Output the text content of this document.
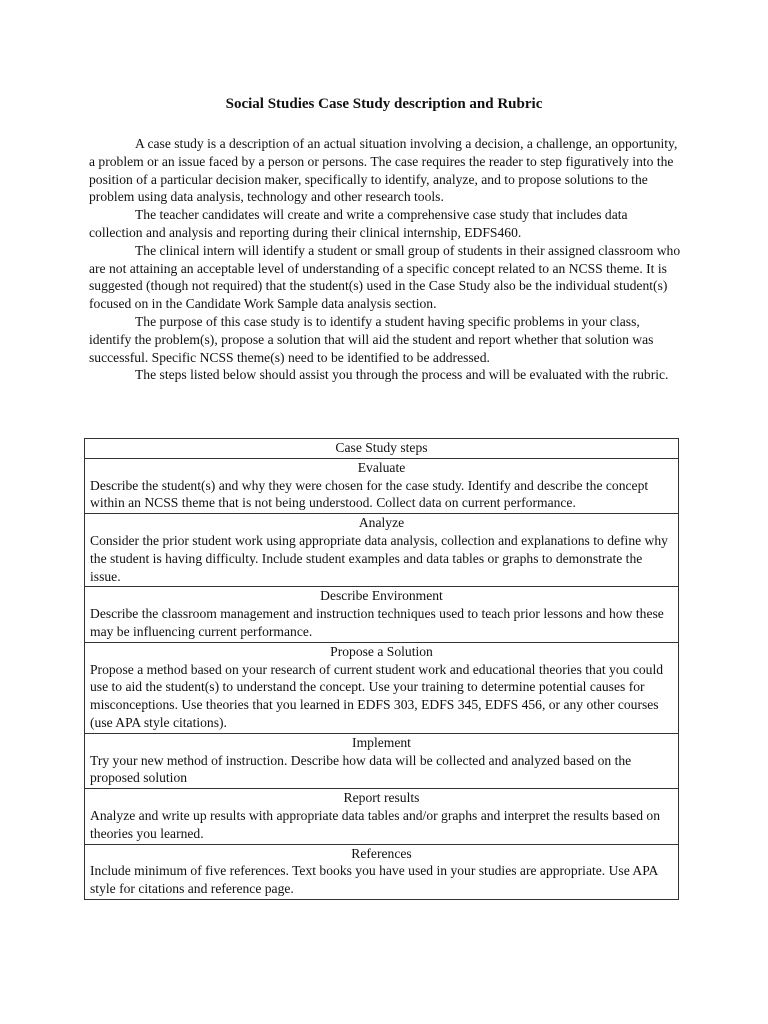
Social Studies Case Study description and Rubric

A case study is a description of an actual situation involving a decision, a challenge, an opportunity, a problem or an issue faced by a person or persons. The case requires the reader to step figuratively into the position of a particular decision maker, specifically to identify, analyze, and to propose solutions to the problem using data analysis, technology and other research tools.

The teacher candidates will create and write a comprehensive case study that includes data collection and analysis and reporting during their clinical internship, EDFS460.

The clinical intern will identify a student or small group of students in their assigned classroom who are not attaining an acceptable level of understanding of a specific concept related to an NCSS theme. It is suggested (though not required) that the student(s) used in the Case Study also be the individual student(s) focused on in the Candidate Work Sample data analysis section.

The purpose of this case study is to identify a student having specific problems in your class, identify the problem(s), propose a solution that will aid the student and report whether that solution was successful. Specific NCSS theme(s) need to be identified to be addressed.

The steps listed below should assist you through the process and will be evaluated with the rubric.

Case Study steps

Evaluate
Describe the student(s) and why they were chosen for the case study. Identify and describe the concept within an NCSS theme that is not being understood. Collect data on current performance.

Analyze
Consider the prior student work using appropriate data analysis, collection and explanations to define why the student is having difficulty. Include student examples and data tables or graphs to demonstrate the issue.

Describe Environment
Describe the classroom management and instruction techniques used to teach prior lessons and how these may be influencing current performance.

Propose a Solution
Propose a method based on your research of current student work and educational theories that you could use to aid the student(s) to understand the concept. Use your training to determine potential causes for misconceptions. Use theories that you learned in EDFS 303, EDFS 345, EDFS 456, or any other courses (use APA style citations).

Implement
Try your new method of instruction. Describe how data will be collected and analyzed based on the proposed solution

Report results
Analyze and write up results with appropriate data tables and/or graphs and interpret the results based on theories you learned.

References
Include minimum of five references. Text books you have used in your studies are appropriate. Use APA style for citations and reference page.
